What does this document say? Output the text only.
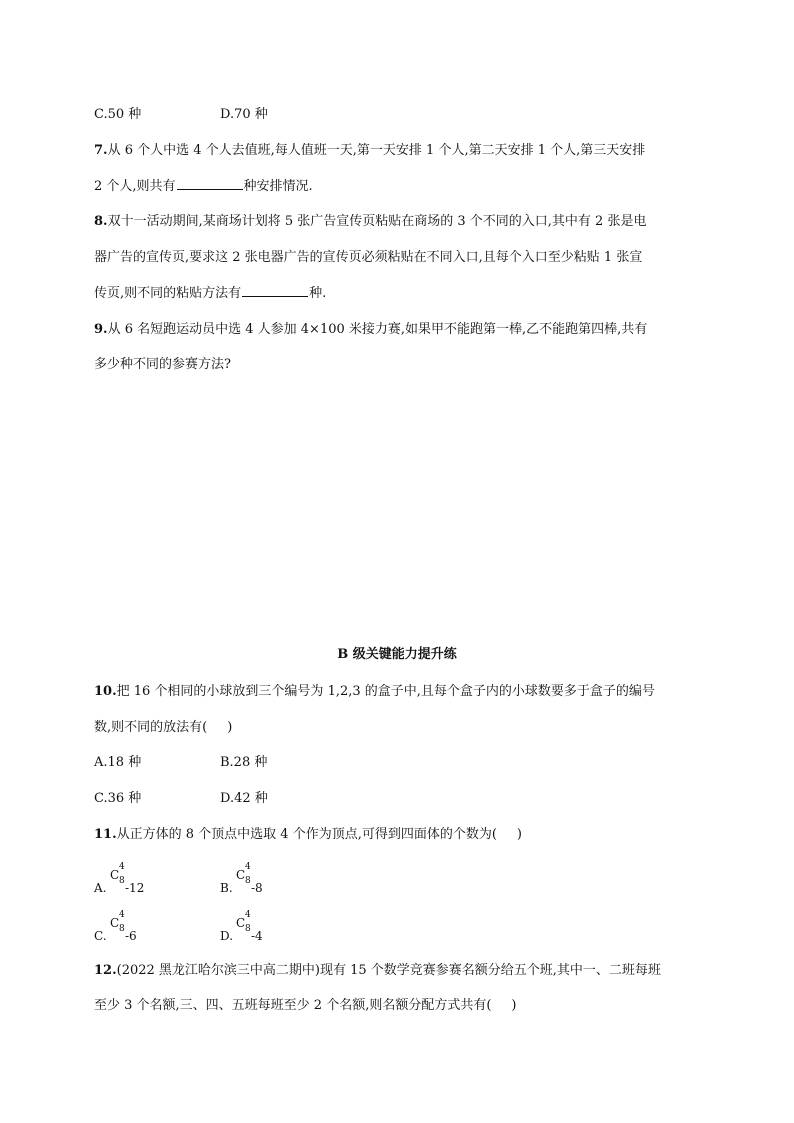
C.50 种	D.70 种
7.从 6 个人中选 4 个人去值班,每人值班一天,第一天安排 1 个人,第二天安排 1 个人,第三天安排
2 个人,则共有	种安排情况.
8.双十一活动期间,某商场计划将 5 张广告宣传页粘贴在商场的 3 个不同的入口,其中有 2 张是电
器广告的宣传页,要求这 2 张电器广告的宣传页必须粘贴在不同入口,且每个入口至少粘贴 1 张宣
传页,则不同的粘贴方法有	种.
9.从 6 名短跑运动员中选 4 人参加 4×100 米接力赛,如果甲不能跑第一棒,乙不能跑第四棒,共有
多少种不同的参赛方法?
B 级关键能力提升练
10.把 16 个相同的小球放到三个编号为 1,2,3 的盒子中,且每个盒子内的小球数要多于盒子的编号
数,则不同的放法有( )
A.18 种	B.28 种
C.36 种	D.42 种
11.从正方体的 8 个顶点中选取 4 个作为顶点,可得到四面体的个数为( )
A.
C
4
8 -12	B.
C
4
8 -8
C.
C
4
8 -6	D.
C
4
8 -4
12.(2022 黑龙江哈尔滨三中高二期中)现有 15 个数学竞赛参赛名额分给五个班,其中一、二班每班
至少 3 个名额,三、四、五班每班至少 2 个名额,则名额分配方式共有( )
